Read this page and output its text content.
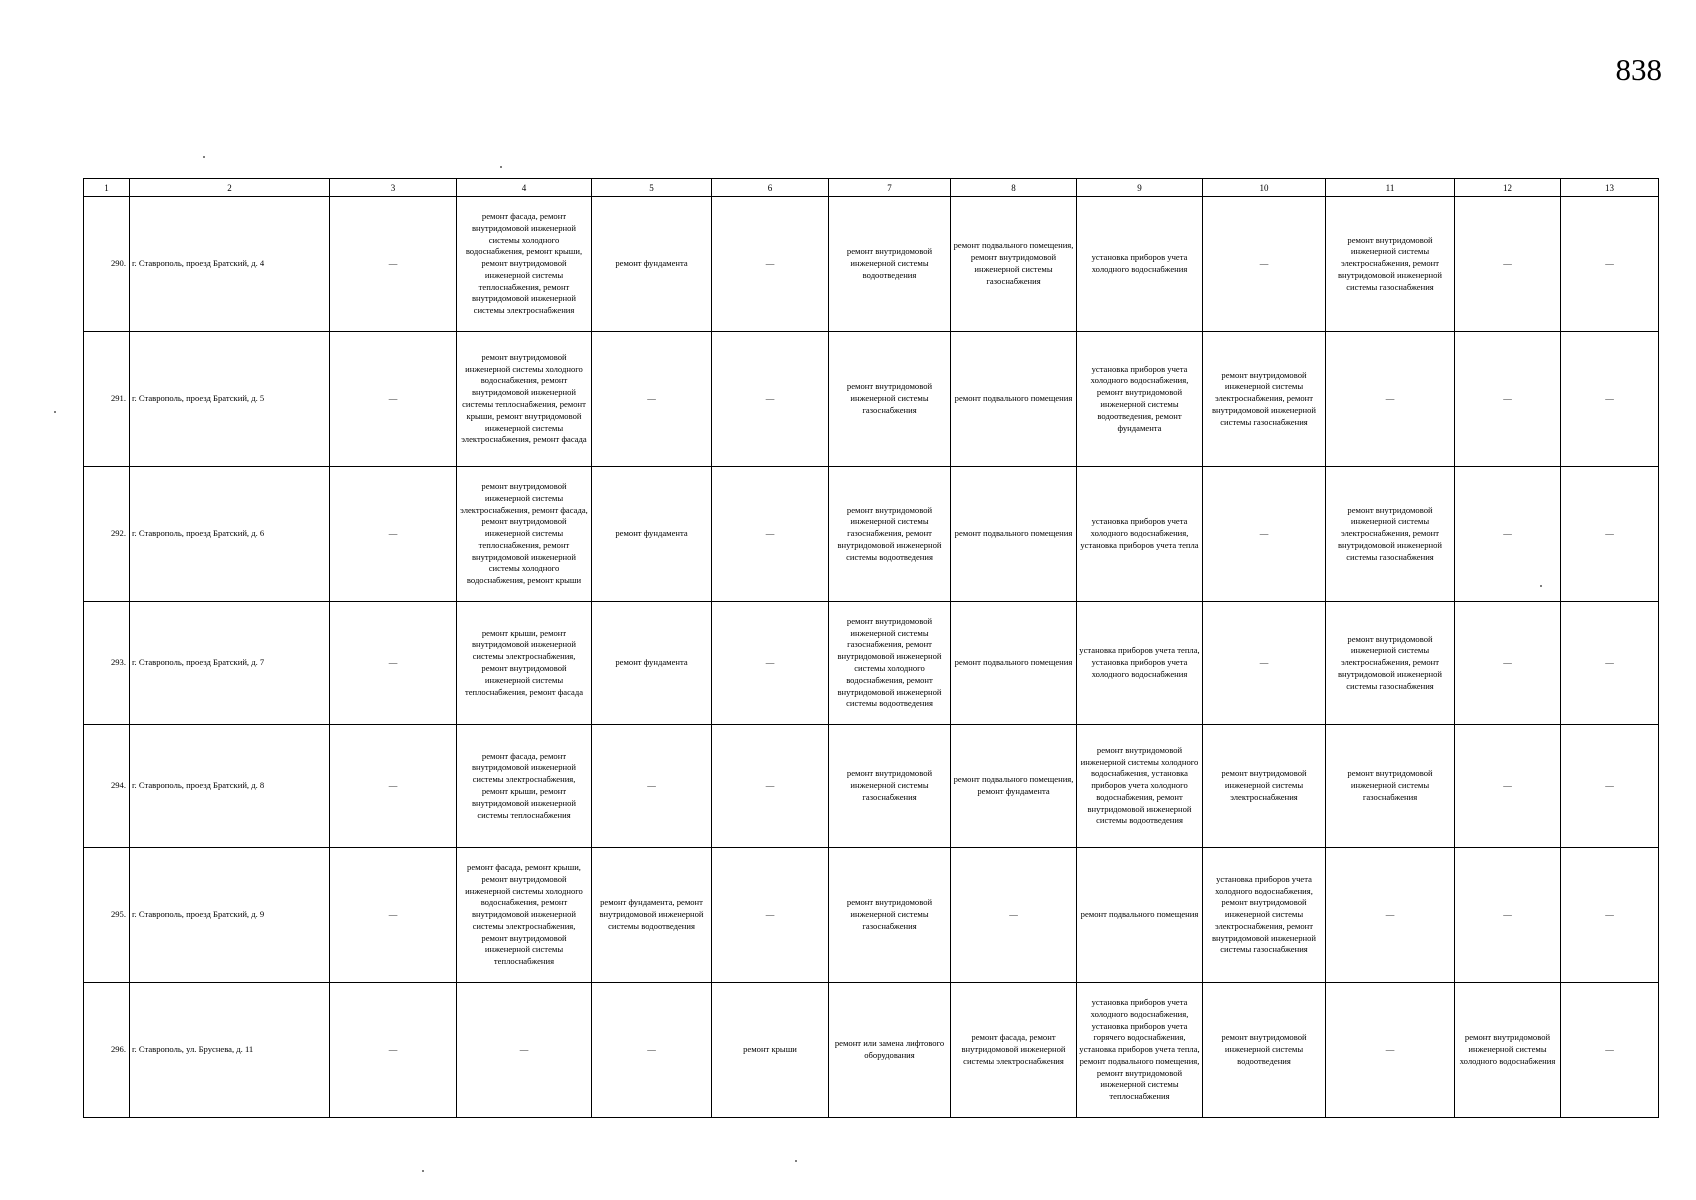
838
1	2	3	4	5	6	7	8	9	10	11	12	13
290.	г. Ставрополь, проезд Братский, д. 4	—	ремонт фасада, ремонт внутридомовой инженерной системы холодного водоснабжения, ремонт крыши, ремонт внутридомовой инженерной системы теплоснабжения, ремонт внутридомовой инженерной системы электроснабжения	ремонт фундамента	—	ремонт внутридомовой инженерной системы водоотведения	ремонт подвального помещения, ремонт внутридомовой инженерной системы газоснабжения	установка приборов учета холодного водоснабжения	—	ремонт внутридомовой инженерной системы электроснабжения, ремонт внутридомовой инженерной системы газоснабжения	—	—
291.	г. Ставрополь, проезд Братский, д. 5	—	ремонт внутридомовой инженерной системы холодного водоснабжения, ремонт внутридомовой инженерной системы теплоснабжения, ремонт крыши, ремонт внутридомовой инженерной системы электроснабжения, ремонт фасада	—	—	ремонт внутридомовой инженерной системы газоснабжения	ремонт подвального помещения	установка приборов учета холодного водоснабжения, ремонт внутридомовой инженерной системы водоотведения, ремонт фундамента	ремонт внутридомовой инженерной системы электроснабжения, ремонт внутридомовой инженерной системы газоснабжения	—	—	—
292.	г. Ставрополь, проезд Братский, д. 6	—	ремонт внутридомовой инженерной системы электроснабжения, ремонт фасада, ремонт внутридомовой инженерной системы теплоснабжения, ремонт внутридомовой инженерной системы холодного водоснабжения, ремонт крыши	ремонт фундамента	—	ремонт внутридомовой инженерной системы газоснабжения, ремонт внутридомовой инженерной системы водоотведения	ремонт подвального помещения	установка приборов учета холодного водоснабжения, установка приборов учета тепла	—	ремонт внутридомовой инженерной системы электроснабжения, ремонт внутридомовой инженерной системы газоснабжения	—	—
293.	г. Ставрополь, проезд Братский, д. 7	—	ремонт крыши, ремонт внутридомовой инженерной системы электроснабжения, ремонт внутридомовой инженерной системы теплоснабжения, ремонт фасада	ремонт фундамента	—	ремонт внутридомовой инженерной системы газоснабжения, ремонт внутридомовой инженерной системы холодного водоснабжения, ремонт внутридомовой инженерной системы водоотведения	ремонт подвального помещения	установка приборов учета тепла, установка приборов учета холодного водоснабжения	—	ремонт внутридомовой инженерной системы электроснабжения, ремонт внутридомовой инженерной системы газоснабжения	—	—
294.	г. Ставрополь, проезд Братский, д. 8	—	ремонт фасада, ремонт внутридомовой инженерной системы электроснабжения, ремонт крыши, ремонт внутридомовой инженерной системы теплоснабжения	—	—	ремонт внутридомовой инженерной системы газоснабжения	ремонт подвального помещения, ремонт фундамента	ремонт внутридомовой инженерной системы холодного водоснабжения, установка приборов учета холодного водоснабжения, ремонт внутридомовой инженерной системы водоотведения	ремонт внутридомовой инженерной системы электроснабжения	ремонт внутридомовой инженерной системы газоснабжения	—	—
295.	г. Ставрополь, проезд Братский, д. 9	—	ремонт фасада, ремонт крыши, ремонт внутридомовой инженерной системы холодного водоснабжения, ремонт внутридомовой инженерной системы электроснабжения, ремонт внутридомовой инженерной системы теплоснабжения	ремонт фундамента, ремонт внутридомовой инженерной системы водоотведения	—	ремонт внутридомовой инженерной системы газоснабжения	—	ремонт подвального помещения	установка приборов учета холодного водоснабжения, ремонт внутридомовой инженерной системы электроснабжения, ремонт внутридомовой инженерной системы газоснабжения	—	—	—
296.	г. Ставрополь, ул. Бруснева, д. 11	—	—	—	ремонт крыши	ремонт или замена лифтового оборудования	ремонт фасада, ремонт внутридомовой инженерной системы электроснабжения	установка приборов учета холодного водоснабжения, установка приборов учета горячего водоснабжения, установка приборов учета тепла, ремонт подвального помещения, ремонт внутридомовой инженерной системы теплоснабжения	ремонт внутридомовой инженерной системы водоотведения	—	ремонт внутридомовой инженерной системы холодного водоснабжения	—
